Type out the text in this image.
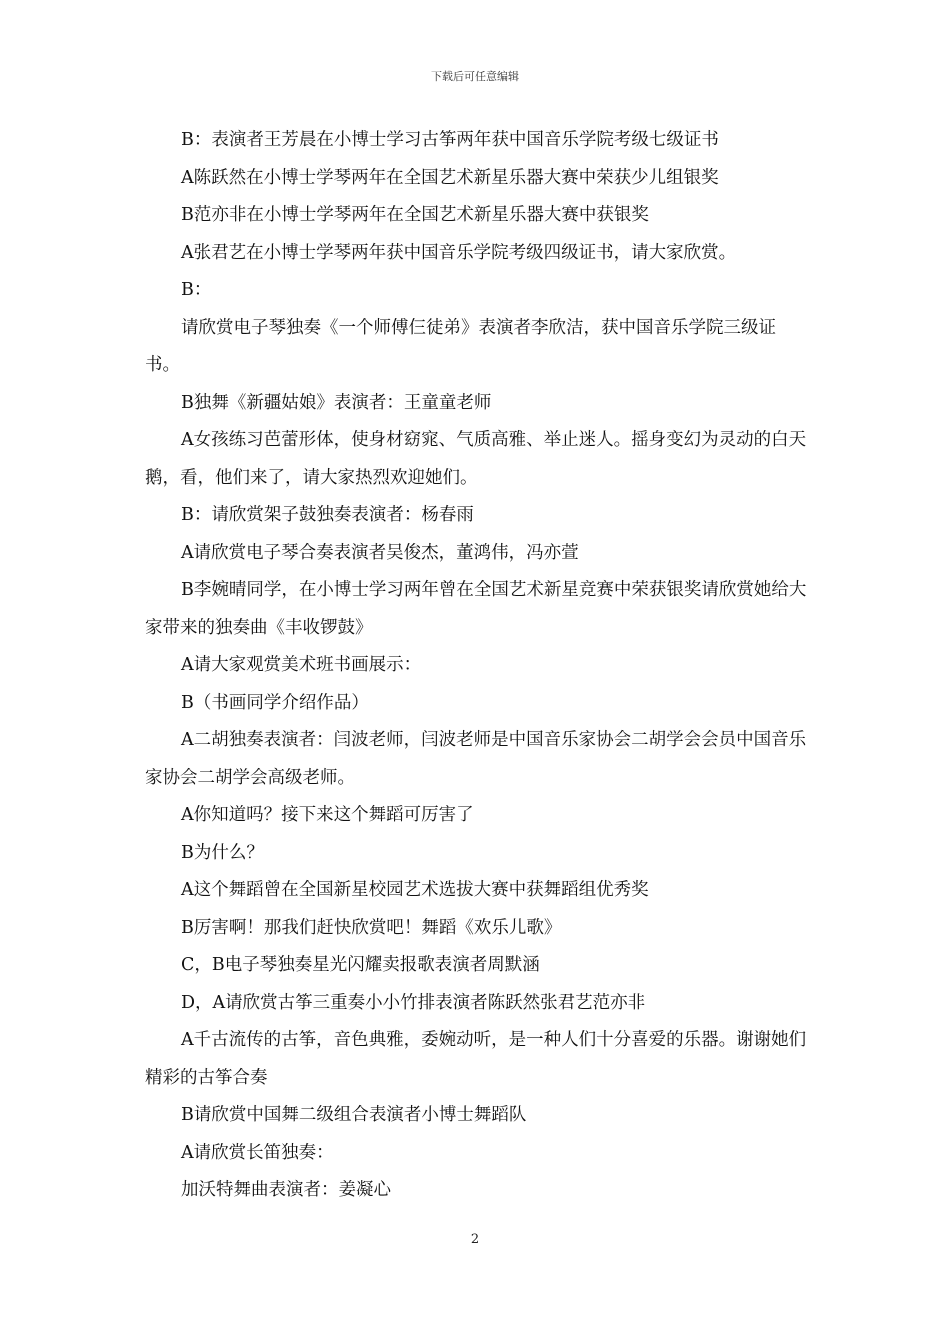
下载后可任意编辑

B：表演者王芳晨在小博士学习古筝两年获中国音乐学院考级七级证书

A陈跃然在小博士学琴两年在全国艺术新星乐器大赛中荣获少儿组银奖

B范亦非在小博士学琴两年在全国艺术新星乐器大赛中获银奖

A张君艺在小博士学琴两年获中国音乐学院考级四级证书，请大家欣赏。

B：

请欣赏电子琴独奏《一个师傅仨徒弟》表演者李欣洁，获中国音乐学院三级证书。

B独舞《新疆姑娘》表演者：王童童老师

A女孩练习芭蕾形体，使身材窈窕、气质高雅、举止迷人。摇身变幻为灵动的白天鹅，看，他们来了，请大家热烈欢迎她们。

B：请欣赏架子鼓独奏表演者：杨春雨

A请欣赏电子琴合奏表演者吴俊杰，董鸿伟，冯亦萱

B李婉晴同学，在小博士学习两年曾在全国艺术新星竞赛中荣获银奖请欣赏她给大家带来的独奏曲《丰收锣鼓》

A请大家观赏美术班书画展示：

B（书画同学介绍作品）

A二胡独奏表演者：闫波老师，闫波老师是中国音乐家协会二胡学会会员中国音乐家协会二胡学会高级老师。

A你知道吗？接下来这个舞蹈可厉害了

B为什么？

A这个舞蹈曾在全国新星校园艺术选拔大赛中获舞蹈组优秀奖

B厉害啊！那我们赶快欣赏吧！舞蹈《欢乐儿歌》

C，B电子琴独奏星光闪耀卖报歌表演者周默涵

D，A请欣赏古筝三重奏小小竹排表演者陈跃然张君艺范亦非

A千古流传的古筝，音色典雅，委婉动听，是一种人们十分喜爱的乐器。谢谢她们精彩的古筝合奏

B请欣赏中国舞二级组合表演者小博士舞蹈队

A请欣赏长笛独奏：

加沃特舞曲表演者：姜凝心

2
